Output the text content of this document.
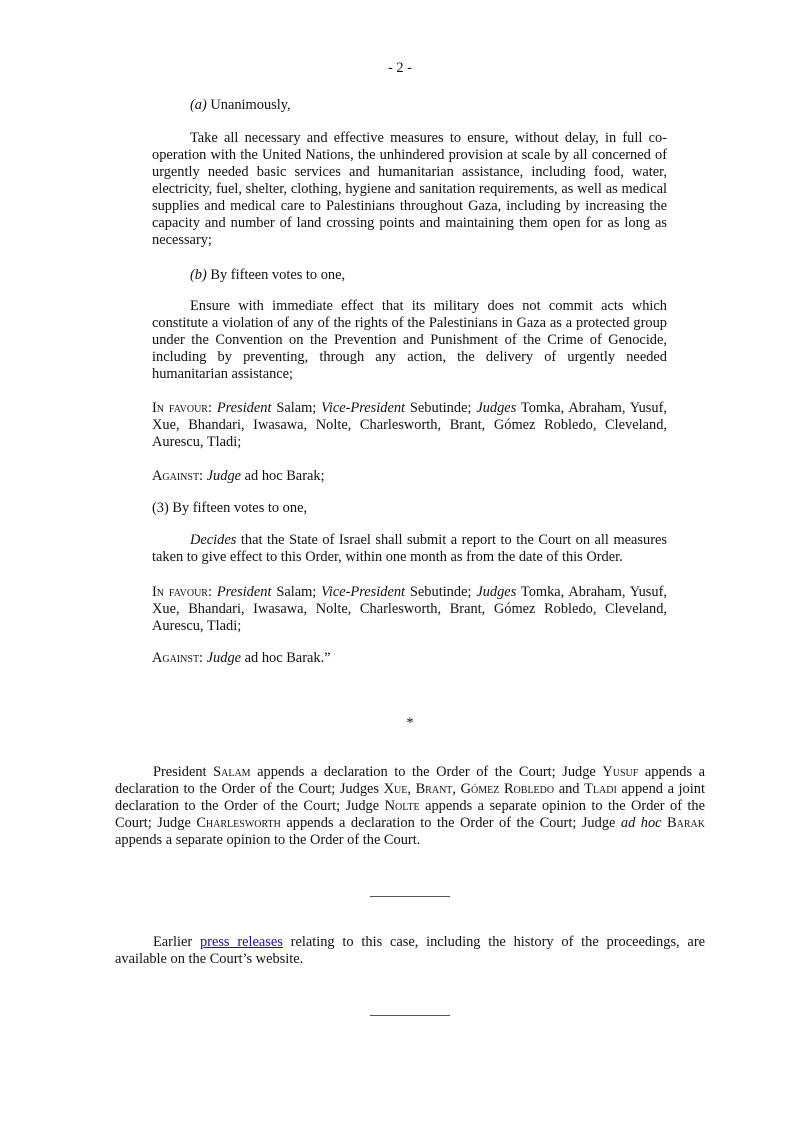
- 2 -

(a) Unanimously,

Take all necessary and effective measures to ensure, without delay, in full co-operation with the United Nations, the unhindered provision at scale by all concerned of urgently needed basic services and humanitarian assistance, including food, water, electricity, fuel, shelter, clothing, hygiene and sanitation requirements, as well as medical supplies and medical care to Palestinians throughout Gaza, including by increasing the capacity and number of land crossing points and maintaining them open for as long as necessary;

(b) By fifteen votes to one,

Ensure with immediate effect that its military does not commit acts which constitute a violation of any of the rights of the Palestinians in Gaza as a protected group under the Convention on the Prevention and Punishment of the Crime of Genocide, including by preventing, through any action, the delivery of urgently needed humanitarian assistance;

In favour: President Salam; Vice-President Sebutinde; Judges Tomka, Abraham, Yusuf, Xue, Bhandari, Iwasawa, Nolte, Charlesworth, Brant, Gómez Robledo, Cleveland, Aurescu, Tladi;

Against: Judge ad hoc Barak;

(3) By fifteen votes to one,

Decides that the State of Israel shall submit a report to the Court on all measures taken to give effect to this Order, within one month as from the date of this Order.

In favour: President Salam; Vice-President Sebutinde; Judges Tomka, Abraham, Yusuf, Xue, Bhandari, Iwasawa, Nolte, Charlesworth, Brant, Gómez Robledo, Cleveland, Aurescu, Tladi;

Against: Judge ad hoc Barak.”

*

President Salam appends a declaration to the Order of the Court; Judge Yusuf appends a declaration to the Order of the Court; Judges Xue, Brant, Gómez Robledo and Tladi append a joint declaration to the Order of the Court; Judge Nolte appends a separate opinion to the Order of the Court; Judge Charlesworth appends a declaration to the Order of the Court; Judge ad hoc Barak appends a separate opinion to the Order of the Court.

Earlier press releases relating to this case, including the history of the proceedings, are available on the Court’s website.
